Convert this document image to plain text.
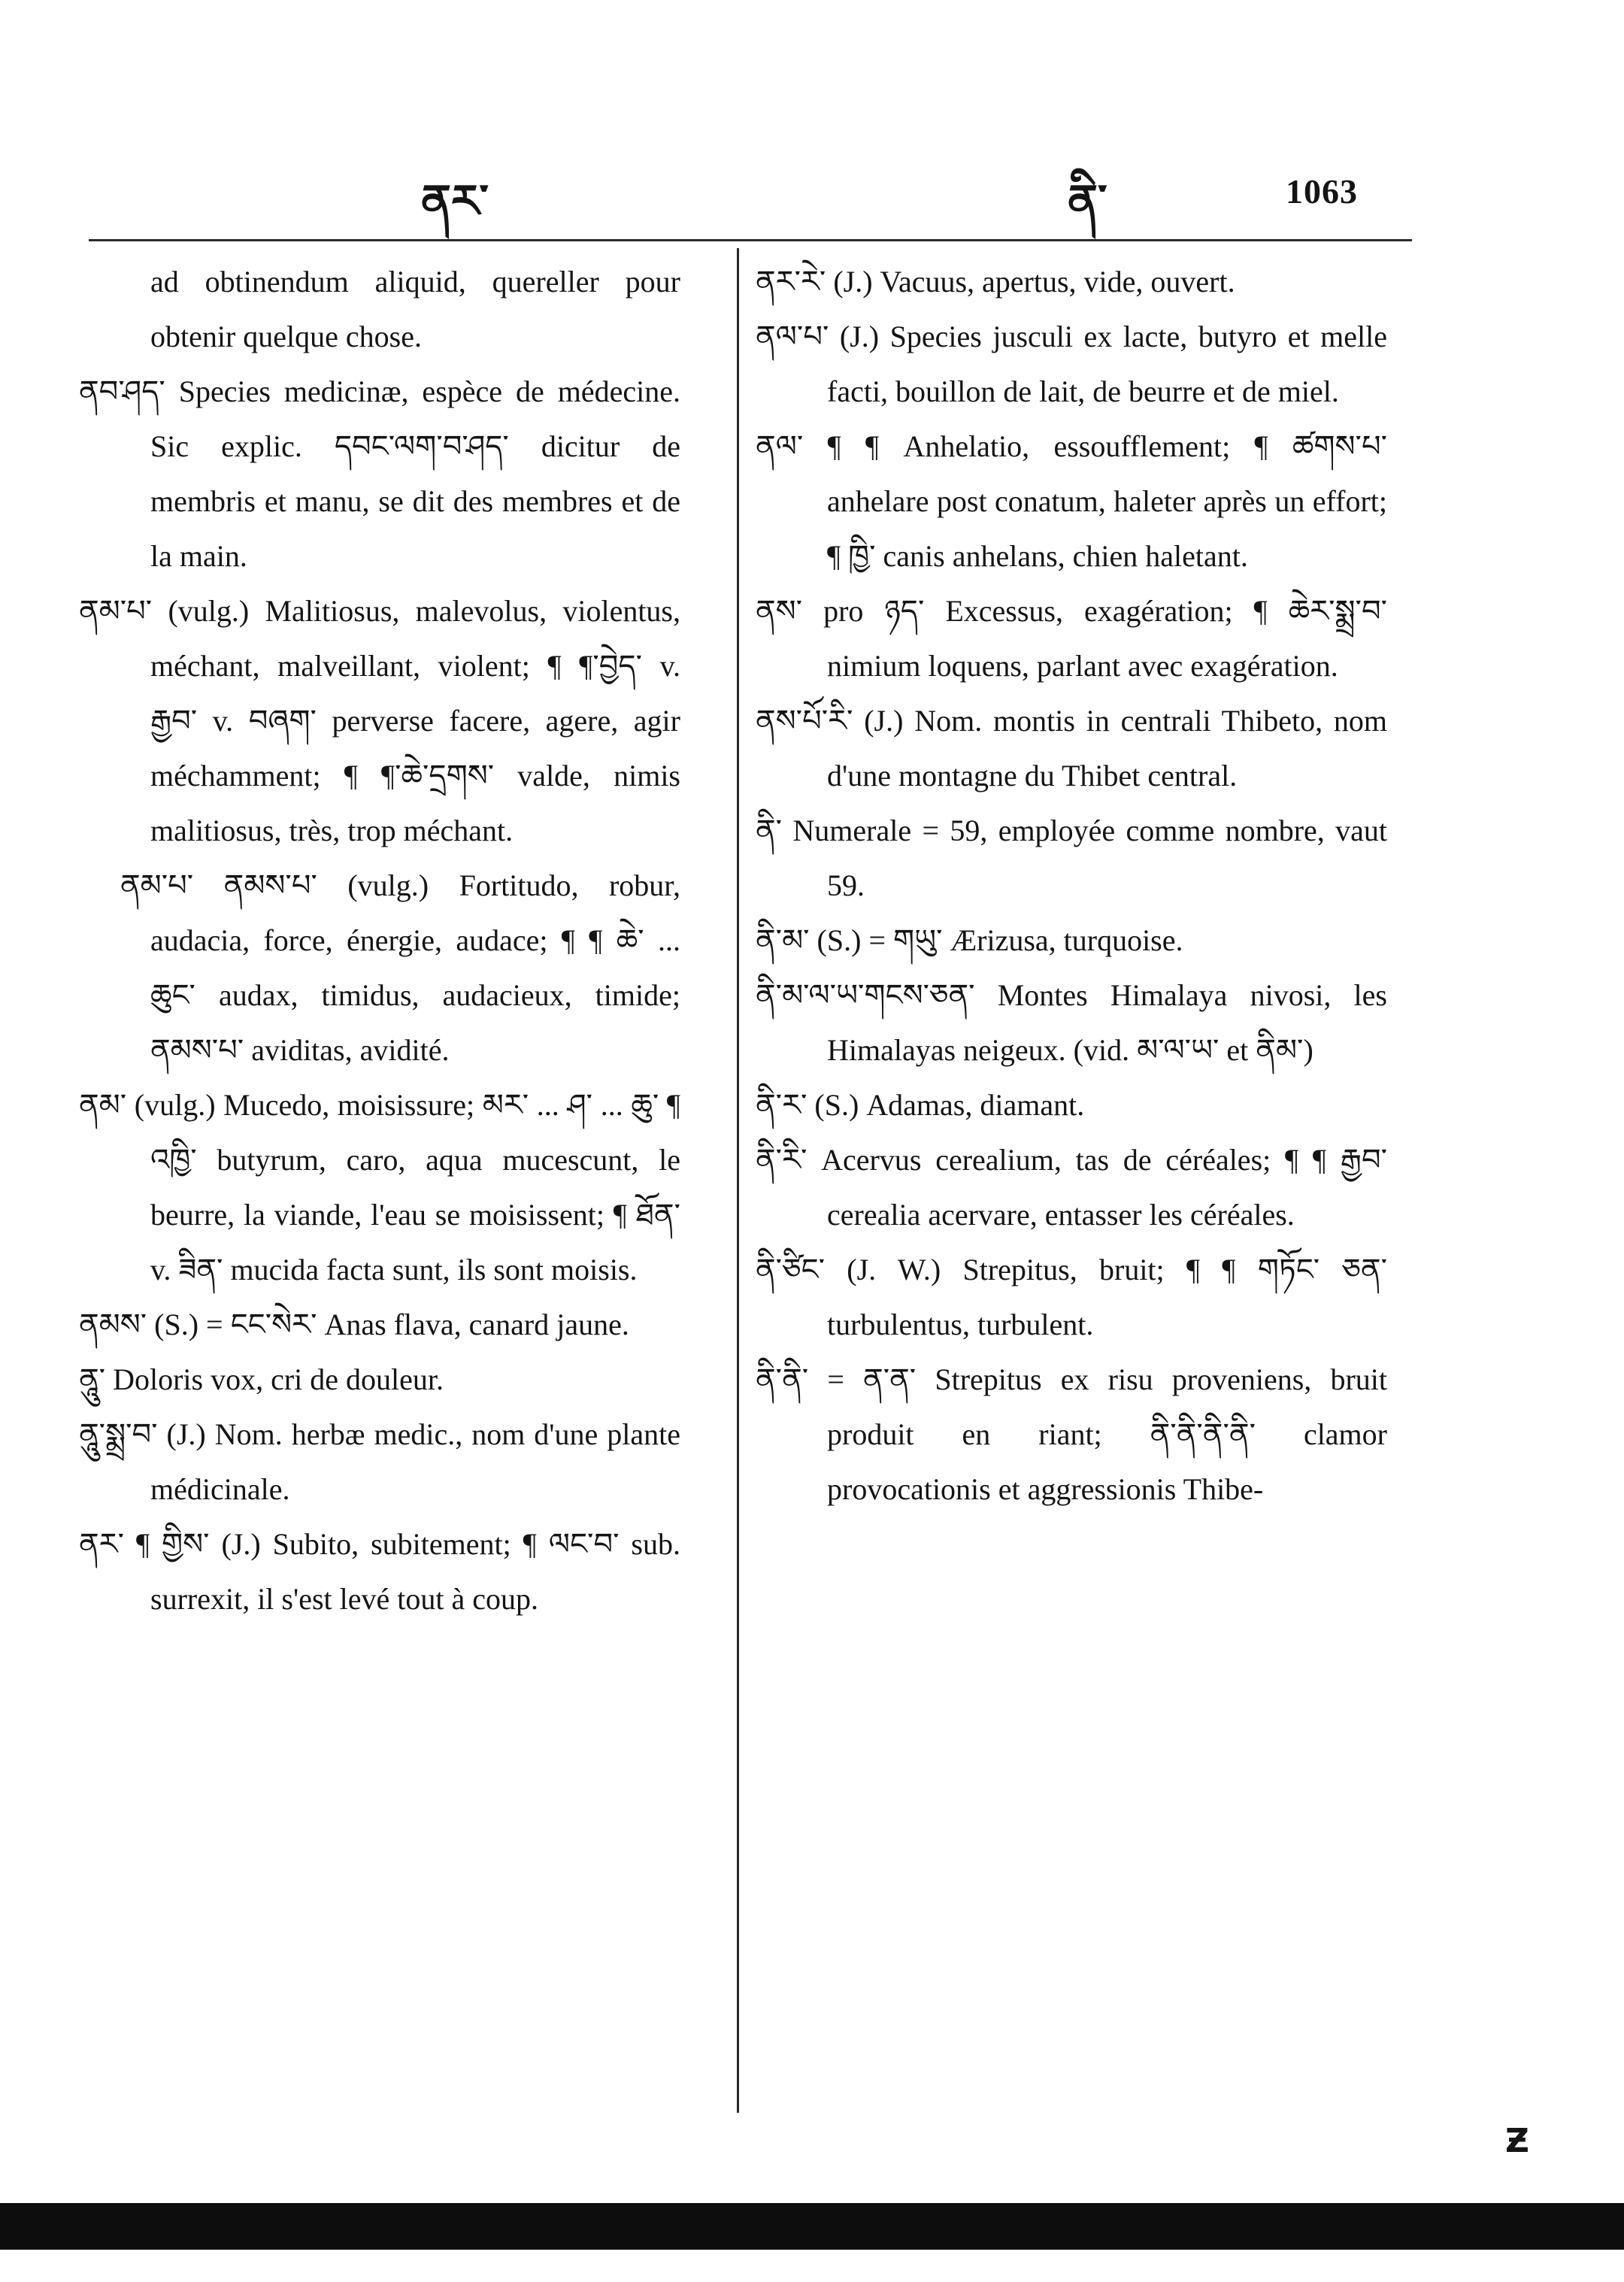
ནར་	ནི་	1063

ad obtinendum aliquid, quereller pour obtenir quelque chose.

ནབ་ཤད་ Species medicinæ, espèce de médecine. Sic explic. དབང་ལག་བ་ཤད་ dicitur de membris et manu, se dit des membres et de la main.

ནམ་པ་ (vulg.) Malitiosus, malevolus, violentus, méchant, malveillant, violent; ¶ ¶་བྱེད་ v. རྒྱབ་ v. བཞག་ perverse facere, agere, agir méchamment; ¶ ¶་ཆེ་དྲགས་ valde, nimis malitiosus, très, trop méchant.

ནམ་པ་ ནམས་པ་ (vulg.) Fortitudo, robur, audacia, force, énergie, audace; ¶ ¶ ཆེ་ ... ཆུང་ audax, timidus, audacieux, timide; ནམས་པ་ aviditas, avidité.

ནམ་ (vulg.) Mucedo, moisissure; མར་ ... ཤ་ ... ཆུ་ ¶ འཁྱི་ butyrum, caro, aqua mucescunt, le beurre, la viande, l'eau se moisissent; ¶ ཐོན་ v. ཟིན་ mucida facta sunt, ils sont moisis.

ནམས་ (S.) = ངང་སེར་ Anas flava, canard jaune.

ནཱུ་ Doloris vox, cri de douleur.

ནཱུ་སྨྲ་བ་ (J.) Nom. herbæ medic., nom d'une plante médicinale.

ནར་ ¶ གྱིས་ (J.) Subito, subitement; ¶ ལང་བ་ sub. surrexit, il s'est levé tout à coup.

ནར་རེ་ (J.) Vacuus, apertus, vide, ouvert.

ནལ་པ་ (J.) Species jusculi ex lacte, butyro et melle facti, bouillon de lait, de beurre et de miel.

ནལ་ ¶ ¶ Anhelatio, essoufflement; ¶ ཚགས་པ་ anhelare post conatum, haleter après un effort; ¶ ཁྱི་ canis anhelans, chien haletant.

ནས་ pro ཉད་ Excessus, exagération; ¶ ཆེར་སྨྲ་བ་ nimium loquens, parlant avec exagération.

ནས་པོ་རི་ (J.) Nom. montis in centrali Thibeto, nom d'une montagne du Thibet central.

ནི་ Numerale = 59, employée comme nombre, vaut 59.

ནི་མ་ (S.) = གཡུ་ Ærizusa, turquoise.

ནི་མ་ལ་ཡ་གངས་ཅན་ Montes Himalaya nivosi, les Himalayas neigeux. (vid. མ་ལ་ཡ་ et ནིམ་)

ནི་ར་ (S.) Adamas, diamant.

ནི་རི་ Acervus cerealium, tas de céréales; ¶ ¶ རྒྱབ་ cerealia acervare, entasser les céréales.

ནི་ཙིང་ (J. W.) Strepitus, bruit; ¶ ¶ གཏོང་ ཅན་ turbulentus, turbulent.

ནི་ནི་ = ན་ན་ Strepitus ex risu proveniens, bruit produit en riant; ནི་ནི་ནི་ནི་ clamor provocationis et aggressionis Thibe-

Ƶ
